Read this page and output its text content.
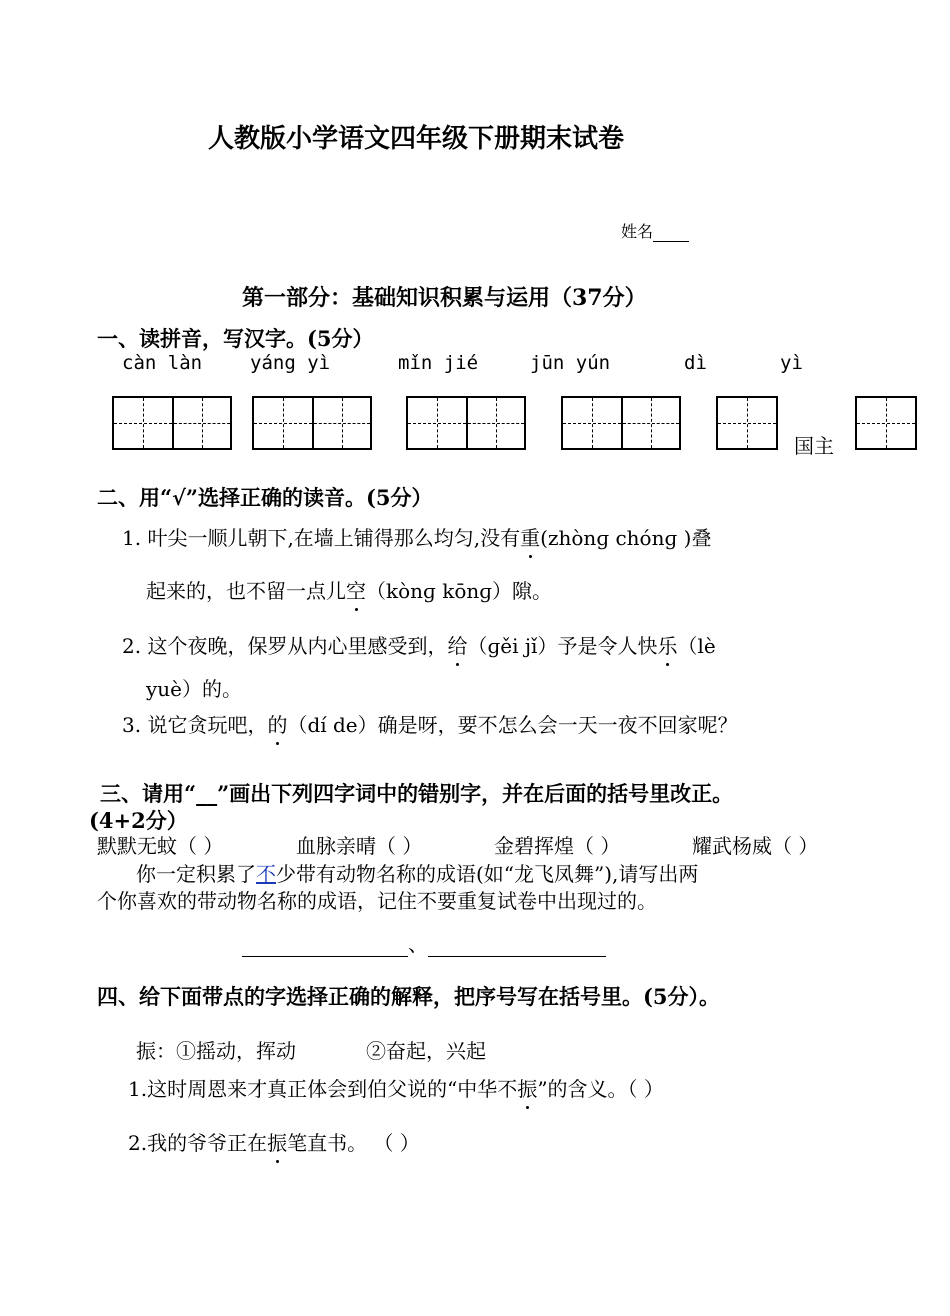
人教版小学语文四年级下册期末试卷
姓名
第一部分：基础知识积累与运用（37分）
一、读拼音，写汉字。(5分）
càn làn	yáng yì	mǐn jié	jūn yún	dì	yì
国主
二、用“√”选择正确的读音。(5分）
1. 叶尖一顺儿朝下,在墙上铺得那么均匀,没有重(zhònɡ chónɡ )叠
起来的，也不留一点儿空（kònɡ kōnɡ）隙。
2. 这个夜晚，保罗从内心里感受到，给（ɡěi jǐ）予是令人快乐（lè
yuè）的。
3. 说它贪玩吧，的（dí de）确是呀，要不怎么会一天一夜不回家呢？
三、请用“__”画出下列四字词中的错别字，并在后面的括号里改正。
(4+2分）
默默无蚊（ ）	血脉亲晴（ ）	金碧挥煌（ ）	耀武杨威（ ）
你一定积累了不少带有动物名称的成语(如“龙飞凤舞”),请写出两
个你喜欢的带动物名称的成语，记住不要重复试卷中出现过的。
、
四、给下面带点的字选择正确的解释，把序号写在括号里。(5分）。
振：①摇动，挥动	②奋起，兴起
1.这时周恩来才真正体会到伯父说的“中华不振”的含义。（ ）
2.我的爷爷正在振笔直书。 （ ）
